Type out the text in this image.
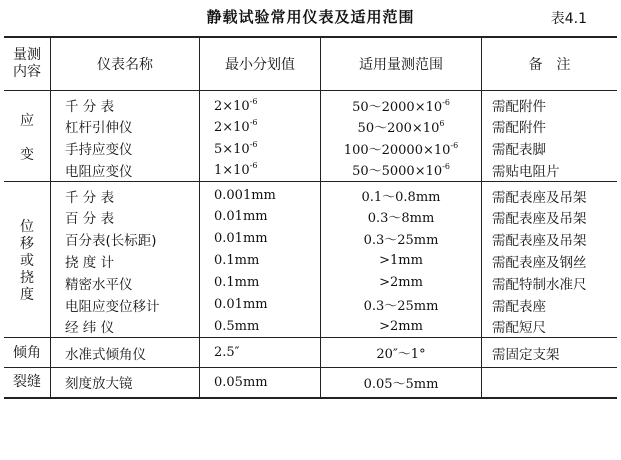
静载试验常用仪表及适用范围	表4.1
量测内容	仪表名称	最小分划值	适用量测范围	备　注
应变	千 分 表	$2\times 10^{-6}$	$50\sim 2000\times 10^{-6}$	需配附件
	杠杆引伸仪	$2\times 10^{-6}$	$50\sim 200\times 10^6$	需配附件
	手持应变仪	$5\times 10^{-6}$	$100\sim 20000\times 10^{-6}$	需配表脚
	电阻应变仪	$1\times 10^{-6}$	$50\sim 5000\times 10^{-6}$	需贴电阻片
位移或挠度	千 分 表	0.001mm	0.1～0.8mm	需配表座及吊架
	百 分 表	0.01mm	0.3～8mm	需配表座及吊架
	百分表(长标距)	0.01mm	0.3～25mm	需配表座及吊架
	挠 度 计	0.1mm	>1mm	需配表座及钢丝
	精密水平仪	0.1mm	>2mm	需配特制水准尺
	电阻应变位移计	0.01mm	0.3～25mm	需配表座
	经 纬 仪	0.5mm	>2mm	需配短尺
倾角	水准式倾角仪	2.5″	20″～1°	需固定支架
裂缝	刻度放大镜	0.05mm	0.05～5mm	
